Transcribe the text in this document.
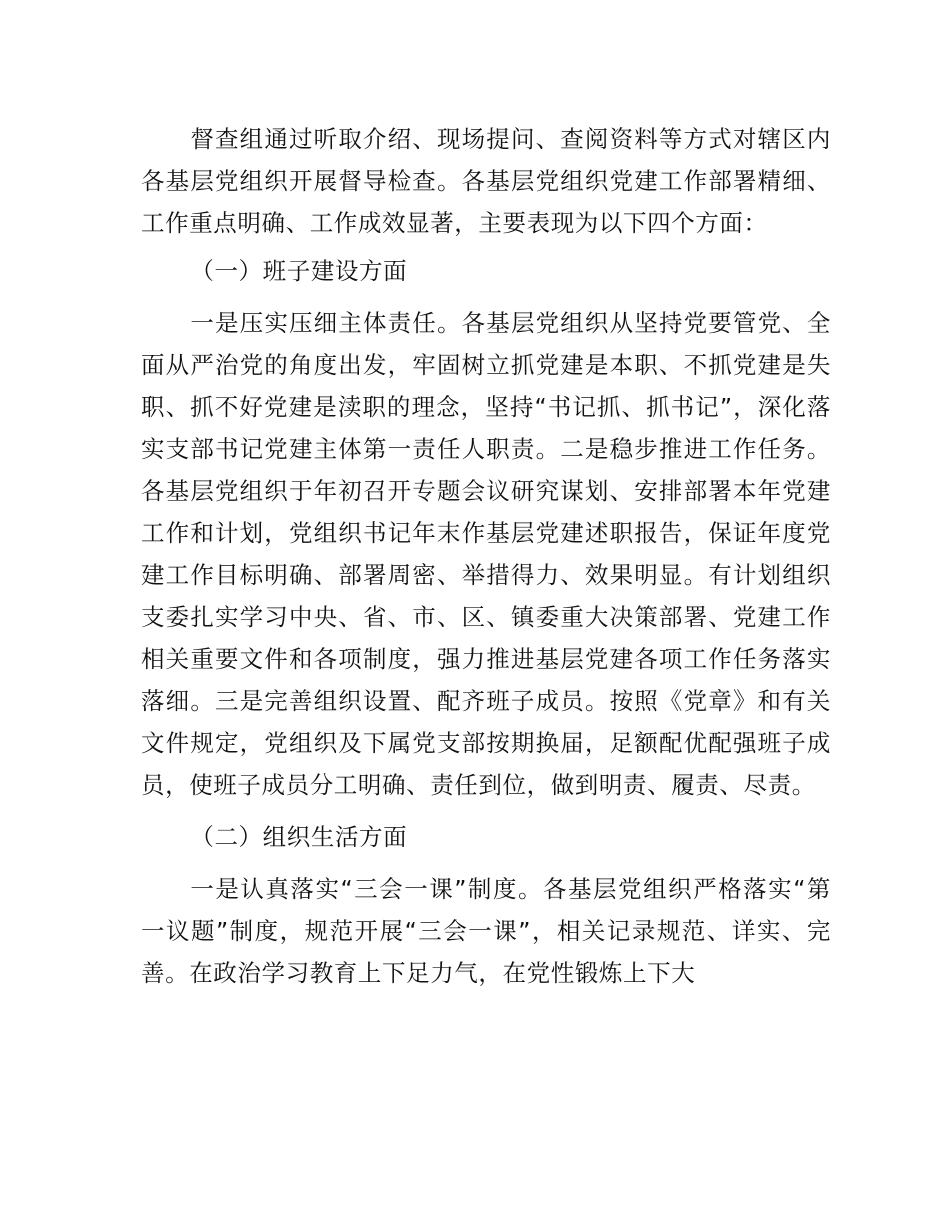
督查组通过听取介绍、现场提问、查阅资料等方式对辖区内各基层党组织开展督导检查。各基层党组织党建工作部署精细、工作重点明确、工作成效显著，主要表现为以下四个方面：

（一）班子建设方面

一是压实压细主体责任。各基层党组织从坚持党要管党、全面从严治党的角度出发，牢固树立抓党建是本职、不抓党建是失职、抓不好党建是渎职的理念，坚持“书记抓、抓书记”，深化落实支部书记党建主体第一责任人职责。二是稳步推进工作任务。各基层党组织于年初召开专题会议研究谋划、安排部署本年党建工作和计划，党组织书记年末作基层党建述职报告，保证年度党建工作目标明确、部署周密、举措得力、效果明显。有计划组织支委扎实学习中央、省、市、区、镇委重大决策部署、党建工作相关重要文件和各项制度，强力推进基层党建各项工作任务落实落细。三是完善组织设置、配齐班子成员。按照《党章》和有关文件规定，党组织及下属党支部按期换届，足额配优配强班子成员，使班子成员分工明确、责任到位，做到明责、履责、尽责。

（二）组织生活方面

一是认真落实“三会一课”制度。各基层党组织严格落实“第一议题”制度，规范开展“三会一课”，相关记录规范、详实、完善。在政治学习教育上下足力气，在党性锻炼上下大
